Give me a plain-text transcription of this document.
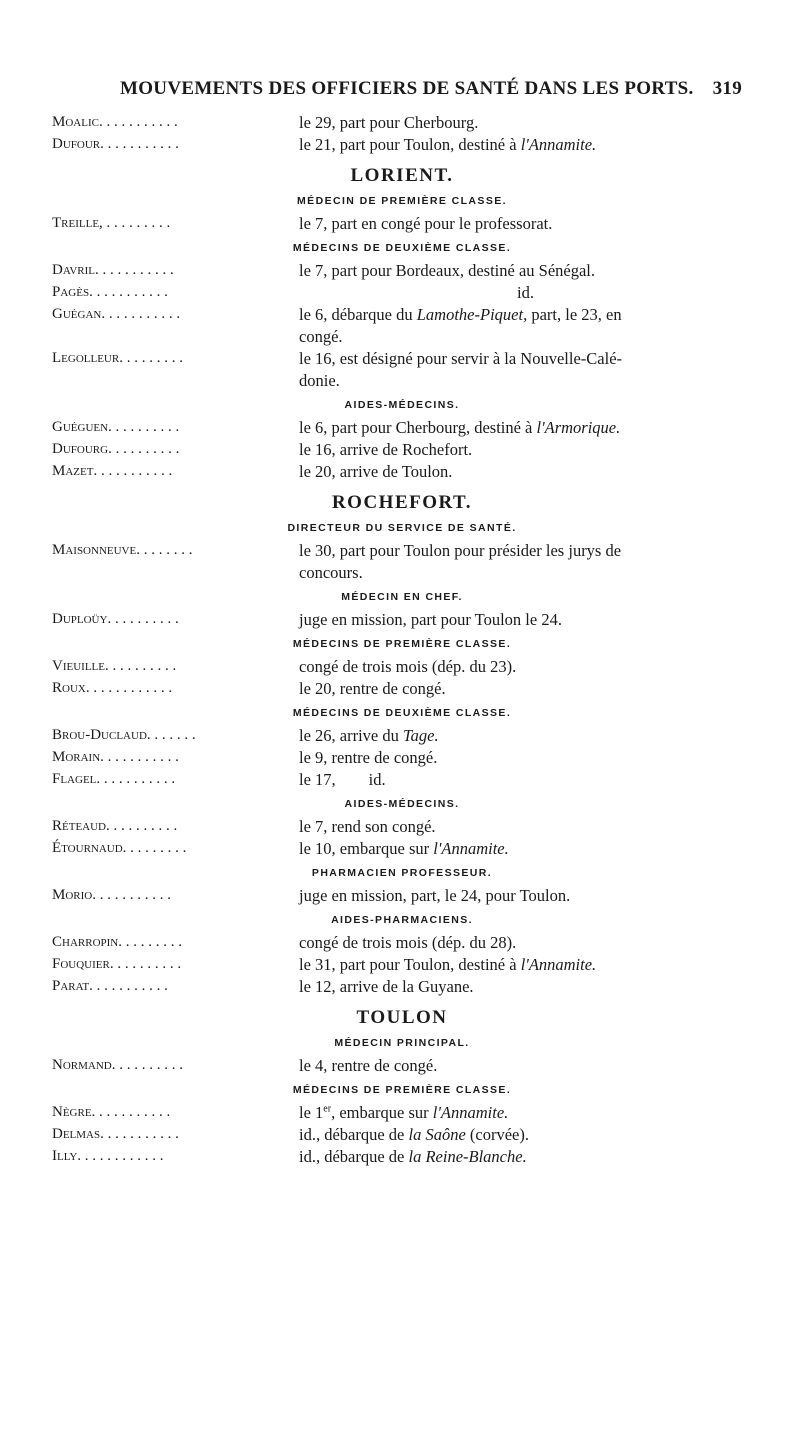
MOUVEMENTS DES OFFICIERS DE SANTÉ DANS LES PORTS. 319
Moalic. . . . . . . . . . .	le 29, part pour Cherbourg.
Dufour. . . . . . . . . . .	le 21, part pour Toulon, destiné à l'Annamite.
LORIENT.
MÉDECIN DE PREMIÈRE CLASSE.
Treille, . . . . . . . . .	le 7, part en congé pour le professorat.
MÉDECINS DE DEUXIÈME CLASSE.
Davril. . . . . . . . . . .	le 7, part pour Bordeaux, destiné au Sénégal.
Pagès. . . . . . . . . . .	id.
Guégan. . . . . . . . . . .	le 6, débarque du Lamothe-Piquet, part, le 23, en
congé.
Legolleur. . . . . . . . .	le 16, est désigné pour servir à la Nouvelle-Calé-
donie.
AIDES-MÉDECINS.
Guéguen. . . . . . . . . .	le 6, part pour Cherbourg, destiné à l'Armorique.
Dufourg. . . . . . . . . .	le 16, arrive de Rochefort.
Mazet. . . . . . . . . . .	le 20, arrive de Toulon.
ROCHEFORT.
DIRECTEUR DU SERVICE DE SANTÉ.
Maisonneuve. . . . . . . .	le 30, part pour Toulon pour présider les jurys de
concours.
MÉDECIN EN CHEF.
Duploüy. . . . . . . . . .	juge en mission, part pour Toulon le 24.
MÉDECINS DE PREMIÈRE CLASSE.
Vieuille. . . . . . . . . .	congé de trois mois (dép. du 23).
Roux. . . . . . . . . . . .	le 20, rentre de congé.
MÉDECINS DE DEUXIÈME CLASSE.
Brou-Duclaud. . . . . . .	le 26, arrive du Tage.
Morain. . . . . . . . . . .	le 9, rentre de congé.
Flagel. . . . . . . . . . .	le 17,        id.
AIDES-MÉDECINS.
Réteaud. . . . . . . . . .	le 7, rend son congé.
Étournaud. . . . . . . . .	le 10, embarque sur l'Annamite.
PHARMACIEN PROFESSEUR.
Morio. . . . . . . . . . .	juge en mission, part, le 24, pour Toulon.
AIDES-PHARMACIENS.
Charropin. . . . . . . . .	congé de trois mois (dép. du 28).
Fouquier. . . . . . . . . .	le 31, part pour Toulon, destiné à l'Annamite.
Parat. . . . . . . . . . .	le 12, arrive de la Guyane.
TOULON
MÉDECIN PRINCIPAL.
Normand. . . . . . . . . .	le 4, rentre de congé.
MÉDECINS DE PREMIÈRE CLASSE.
Nègre. . . . . . . . . . .	le 1er, embarque sur l'Annamite.
Delmas. . . . . . . . . . .	id., débarque de la Saône (corvée).
Illy. . . . . . . . . . . .	id., débarque de la Reine-Blanche.
